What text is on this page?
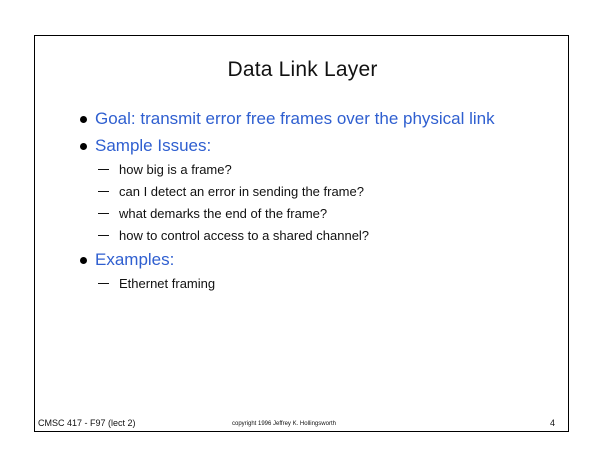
Data Link Layer
Goal: transmit error free frames over the physical link
Sample Issues:
how big is a frame?
can I detect an error in sending the frame?
what demarks the end of the frame?
how to control access to a shared channel?
Examples:
Ethernet framing
CMSC 417 - F97 (lect 2)	copyright 1996 Jeffrey K. Hollingsworth	4
